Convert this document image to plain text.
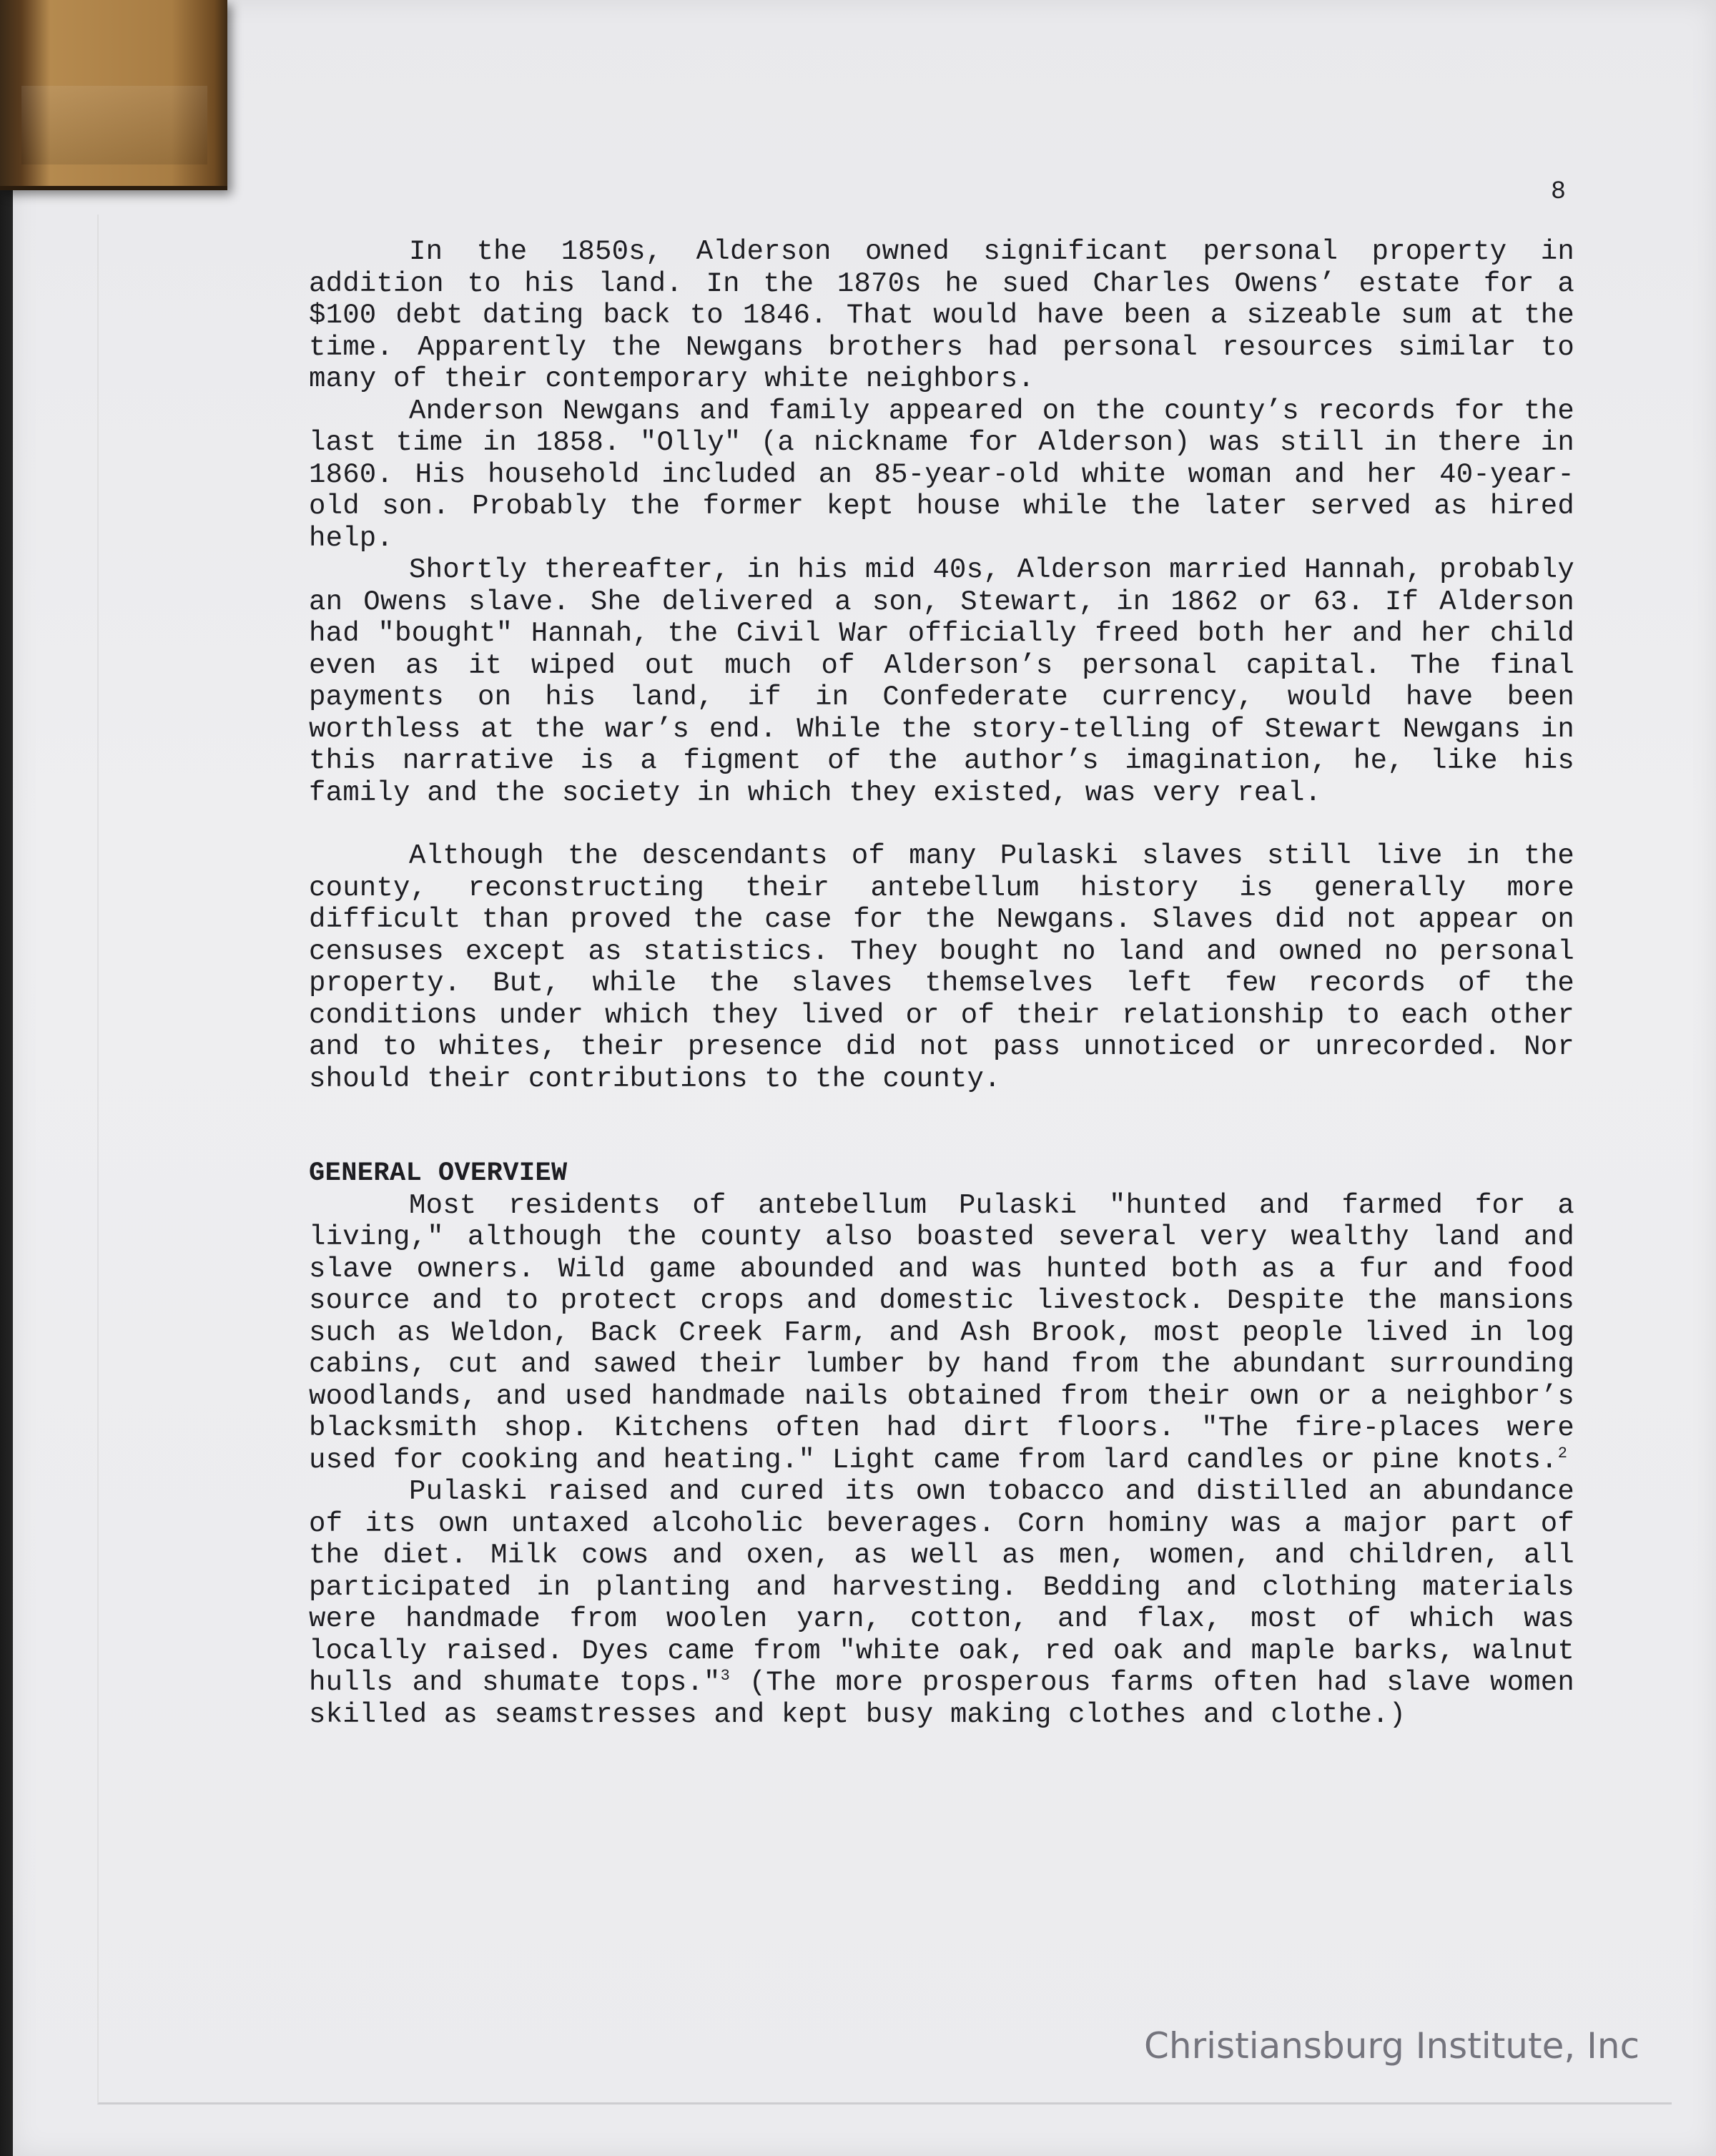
8

In the 1850s, Alderson owned significant personal property in addition to his land. In the 1870s he sued Charles Owens’ estate for a $100 debt dating back to 1846. That would have been a sizeable sum at the time. Apparently the Newgans brothers had personal resources similar to many of their contemporary white neighbors.

Anderson Newgans and family appeared on the county’s records for the last time in 1858. "Olly" (a nickname for Alderson) was still in there in 1860. His household included an 85-year-old white woman and her 40-year-old son. Probably the former kept house while the later served as hired help.

Shortly thereafter, in his mid 40s, Alderson married Hannah, probably an Owens slave. She delivered a son, Stewart, in 1862 or 63. If Alderson had "bought" Hannah, the Civil War officially freed both her and her child even as it wiped out much of Alderson’s personal capital. The final payments on his land, if in Confederate currency, would have been worthless at the war’s end. While the story-telling of Stewart Newgans in this narrative is a figment of the author’s imagination, he, like his family and the society in which they existed, was very real.

Although the descendants of many Pulaski slaves still live in the county, reconstructing their antebellum history is generally more difficult than proved the case for the Newgans. Slaves did not appear on censuses except as statistics. They bought no land and owned no personal property. But, while the slaves themselves left few records of the conditions under which they lived or of their relationship to each other and to whites, their presence did not pass unnoticed or unrecorded. Nor should their contributions to the county.

GENERAL OVERVIEW

Most residents of antebellum Pulaski "hunted and farmed for a living," although the county also boasted several very wealthy land and slave owners. Wild game abounded and was hunted both as a fur and food source and to protect crops and domestic livestock. Despite the mansions such as Weldon, Back Creek Farm, and Ash Brook, most people lived in log cabins, cut and sawed their lumber by hand from the abundant surrounding woodlands, and used handmade nails obtained from their own or a neighbor’s blacksmith shop. Kitchens often had dirt floors. "The fire-places were used for cooking and heating." Light came from lard candles or pine knots.$^2$

Pulaski raised and cured its own tobacco and distilled an abundance of its own untaxed alcoholic beverages. Corn hominy was a major part of the diet. Milk cows and oxen, as well as men, women, and children, all participated in planting and harvesting. Bedding and clothing materials were handmade from woolen yarn, cotton, and flax, most of which was locally raised. Dyes came from "white oak, red oak and maple barks, walnut hulls and shumate tops."$^3$ (The more prosperous farms often had slave women skilled as seamstresses and kept busy making clothes and clothe.)

Christiansburg Institute, Inc
